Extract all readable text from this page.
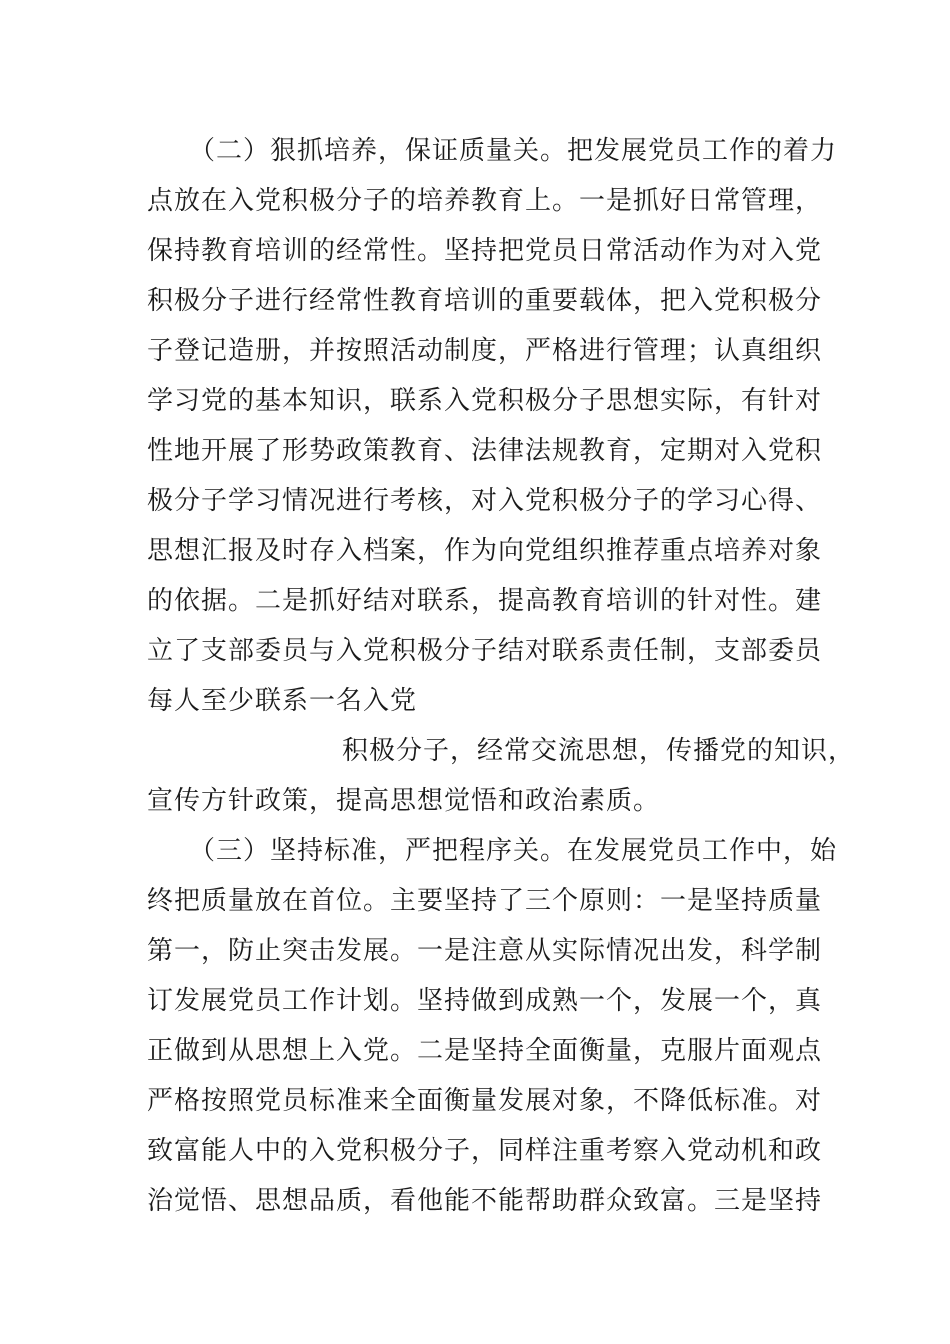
（二）狠抓培养，保证质量关。把发展党员工作的着力
点放在入党积极分子的培养教育上。一是抓好日常管理，
保持教育培训的经常性。坚持把党员日常活动作为对入党
积极分子进行经常性教育培训的重要载体，把入党积极分
子登记造册，并按照活动制度，严格进行管理；认真组织
学习党的基本知识，联系入党积极分子思想实际，有针对
性地开展了形势政策教育、法律法规教育，定期对入党积
极分子学习情况进行考核，对入党积极分子的学习心得、
思想汇报及时存入档案，作为向党组织推荐重点培养对象
的依据。二是抓好结对联系，提高教育培训的针对性。建
立了支部委员与入党积极分子结对联系责任制，支部委员
每人至少联系一名入党
积极分子，经常交流思想，传播党的知识，
宣传方针政策，提高思想觉悟和政治素质。
（三）坚持标准，严把程序关。在发展党员工作中，始
终把质量放在首位。主要坚持了三个原则：一是坚持质量
第一，防止突击发展。一是注意从实际情况出发，科学制
订发展党员工作计划。坚持做到成熟一个，发展一个，真
正做到从思想上入党。二是坚持全面衡量，克服片面观点
严格按照党员标准来全面衡量发展对象，不降低标准。对
致富能人中的入党积极分子，同样注重考察入党动机和政
治觉悟、思想品质，看他能不能帮助群众致富。三是坚持
